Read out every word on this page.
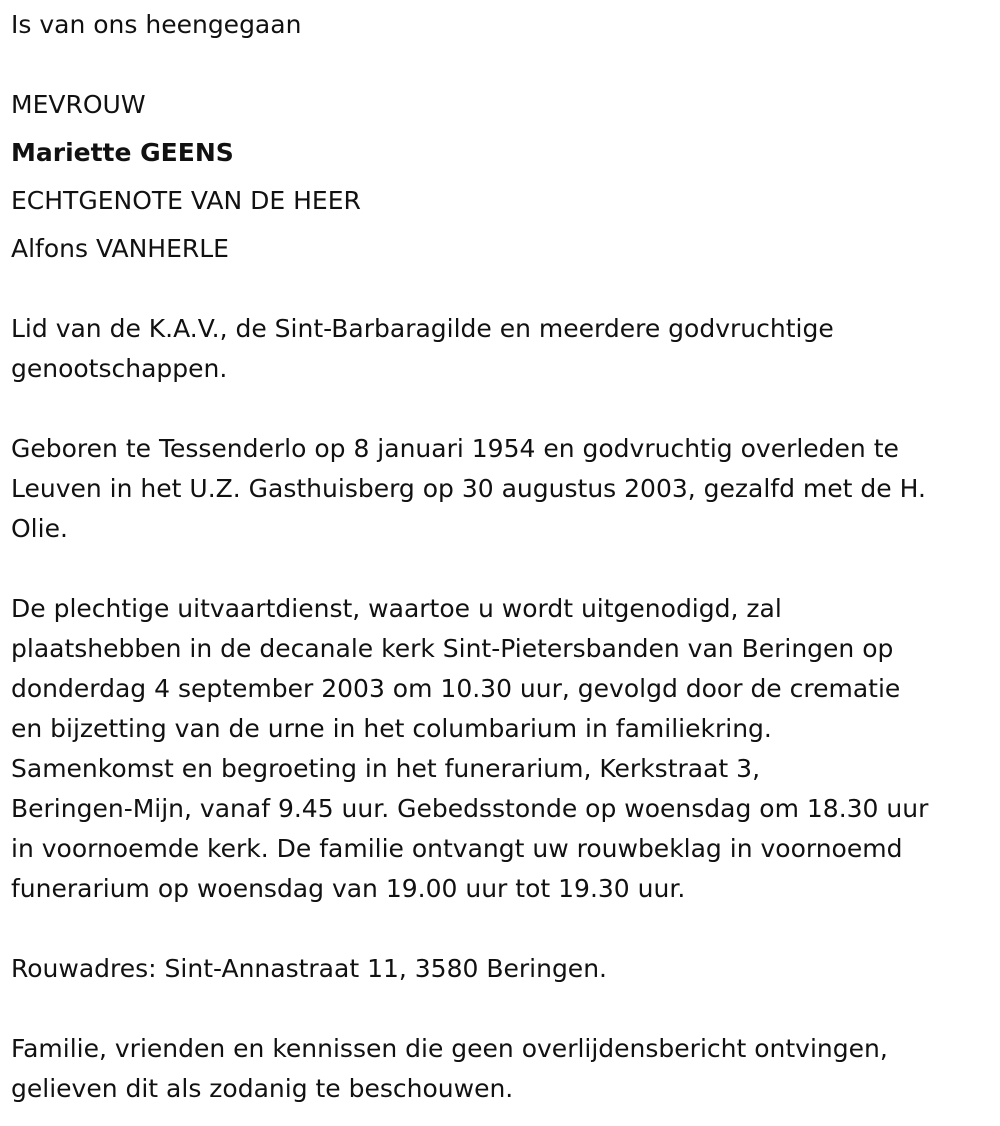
Is van ons heengegaan

MEVROUW

Mariette GEENS

ECHTGENOTE VAN DE HEER

Alfons VANHERLE

Lid van de K.A.V., de Sint-Barbaragilde en meerdere godvruchtige

genootschappen.

Geboren te Tessenderlo op 8 januari 1954 en godvruchtig overleden te

Leuven in het U.Z. Gasthuisberg op 30 augustus 2003, gezalfd met de H.

Olie.

De plechtige uitvaartdienst, waartoe u wordt uitgenodigd, zal

plaatshebben in de decanale kerk Sint-Pietersbanden van Beringen op

donderdag 4 september 2003 om 10.30 uur, gevolgd door de crematie

en bijzetting van de urne in het columbarium in familiekring.

Samenkomst en begroeting in het funerarium, Kerkstraat 3,

Beringen-Mijn, vanaf 9.45 uur. Gebedsstonde op woensdag om 18.30 uur

in voornoemde kerk. De familie ontvangt uw rouwbeklag in voornoemd

funerarium op woensdag van 19.00 uur tot 19.30 uur.

Rouwadres: Sint-Annastraat 11, 3580 Beringen.

Familie, vrienden en kennissen die geen overlijdensbericht ontvingen,

gelieven dit als zodanig te beschouwen.
